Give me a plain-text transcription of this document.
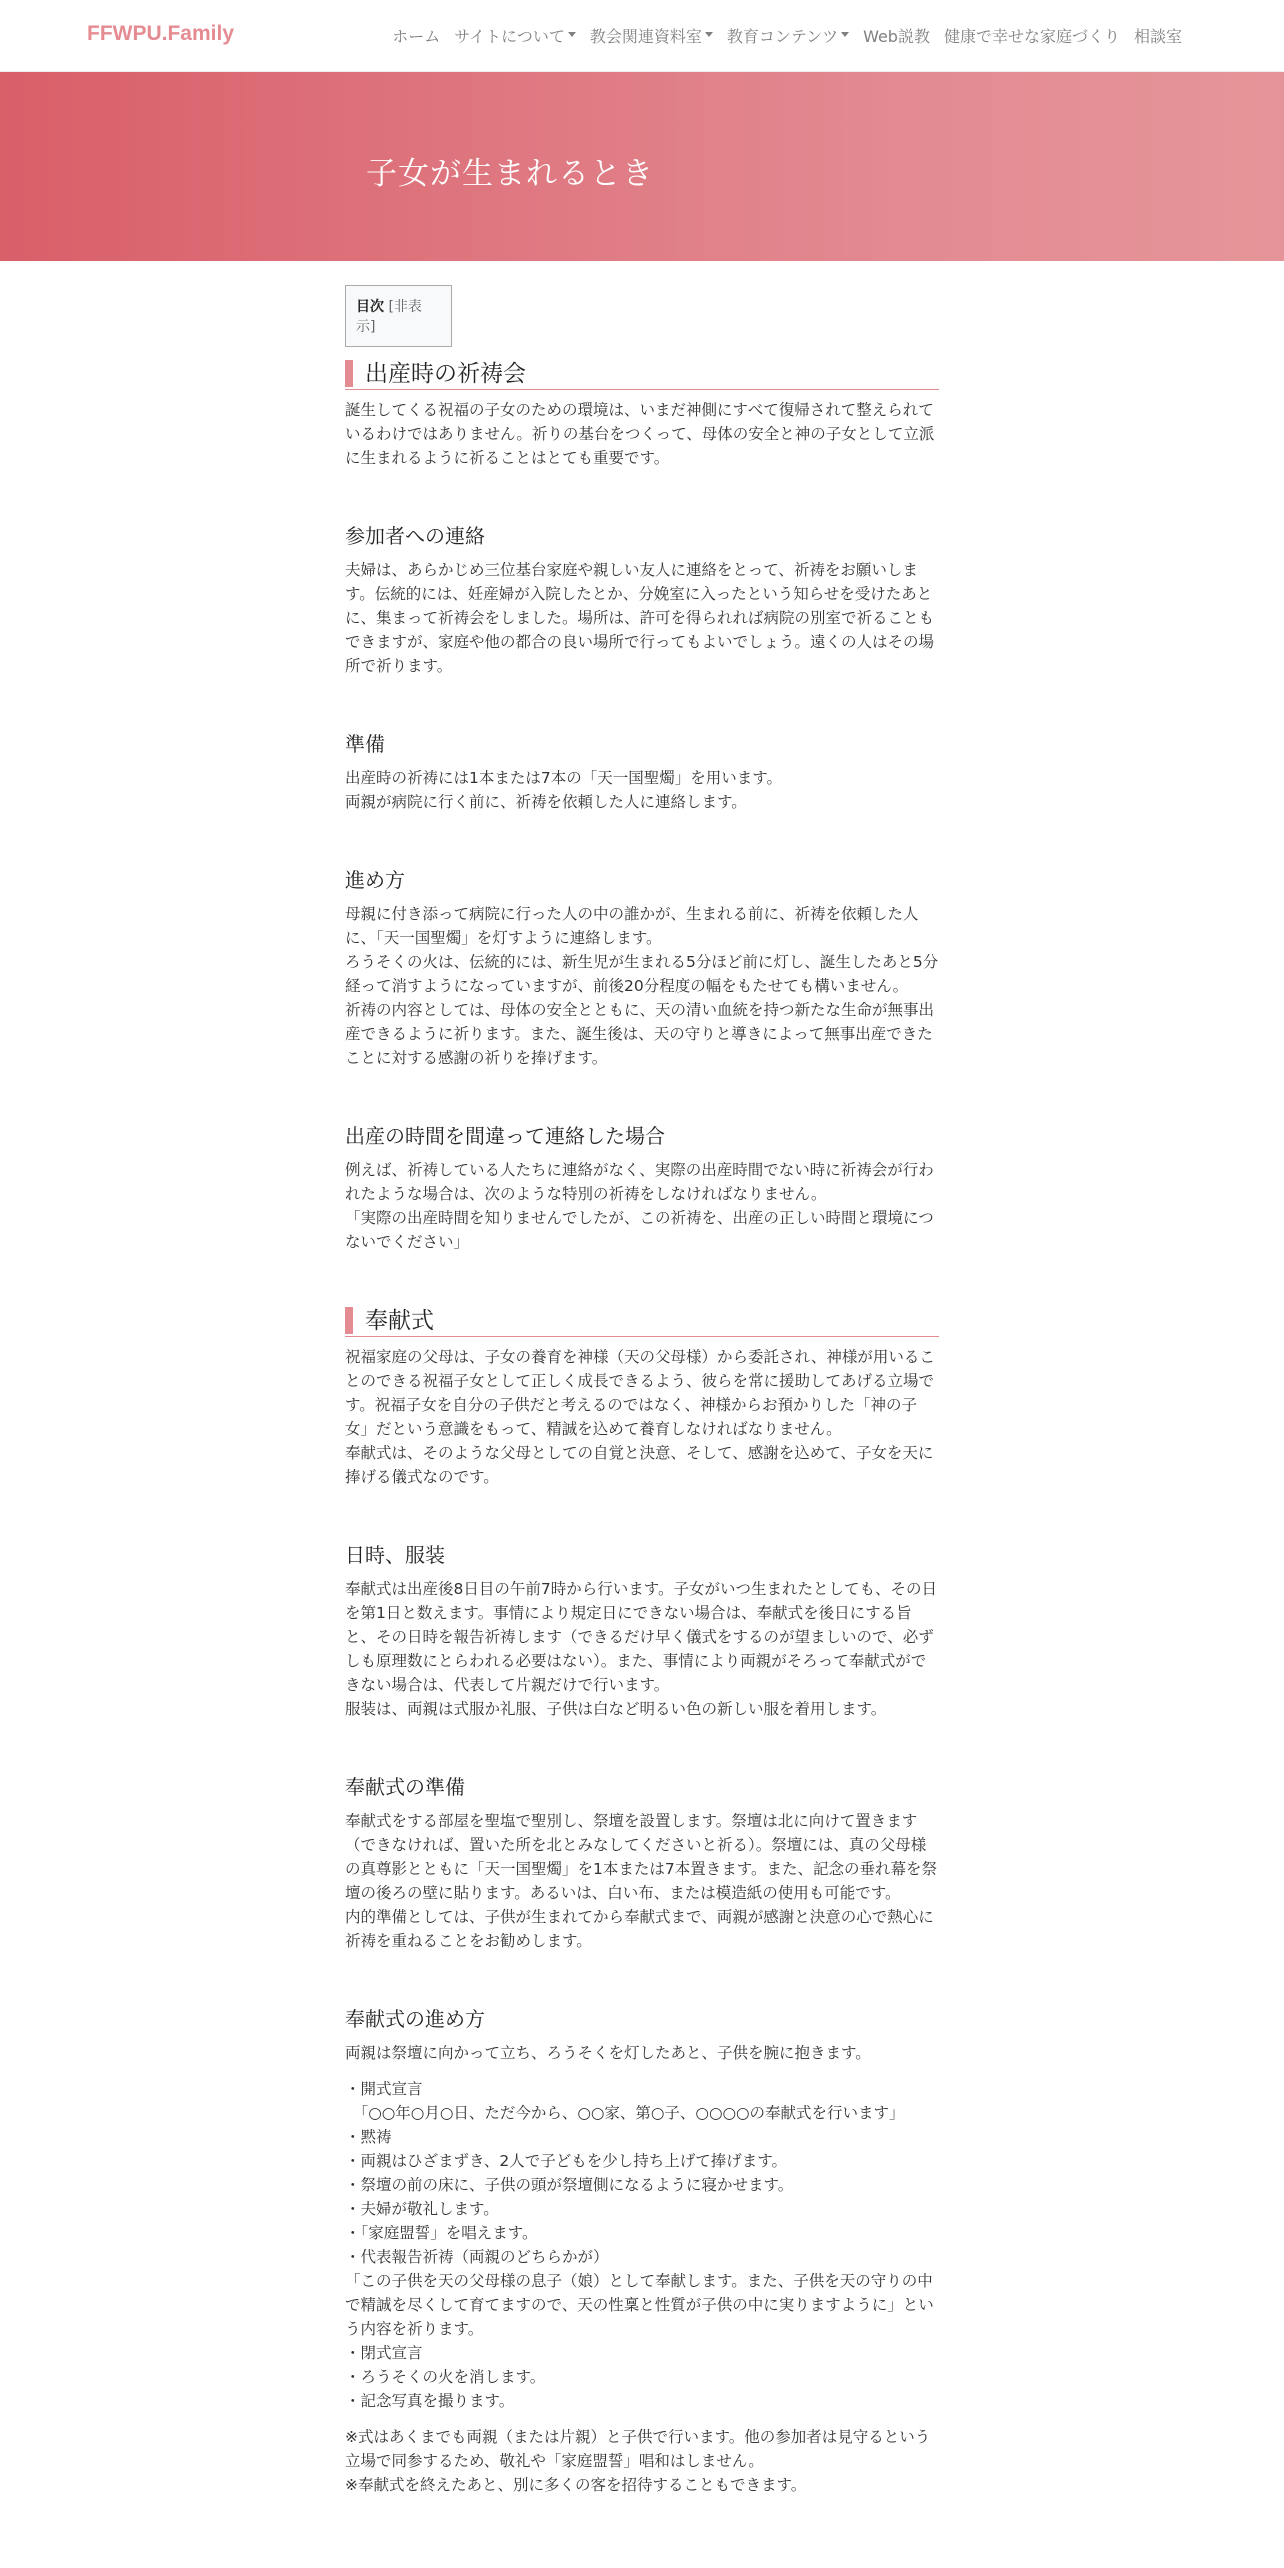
FFWPU.Family	ホーム サイトについて 教会関連資料室 教育コンテンツ Web説教 健康で幸せな家庭づくり 相談室
子女が生まれるとき
目次 [非表示]
出産時の祈祷会

誕生してくる祝福の子女のための環境は、いまだ神側にすべて復帰されて整えられているわけではありません。祈りの基台をつくって、母体の安全と神の子女として立派に生まれるように祈ることはとても重要です。

参加者への連絡

夫婦は、あらかじめ三位基台家庭や親しい友人に連絡をとって、祈祷をお願いします。伝統的には、妊産婦が入院したとか、分娩室に入ったという知らせを受けたあとに、集まって祈祷会をしました。場所は、許可を得られれば病院の別室で祈ることもできますが、家庭や他の都合の良い場所で行ってもよいでしょう。遠くの人はその場所で祈ります。

準備

出産時の祈祷には1本または7本の「天一国聖燭」を用います。
両親が病院に行く前に、祈祷を依頼した人に連絡します。

進め方

母親に付き添って病院に行った人の中の誰かが、生まれる前に、祈祷を依頼した人に、「天一国聖燭」を灯すように連絡します。

ろうそくの火は、伝統的には、新生児が生まれる5分ほど前に灯し、誕生したあと5分経って消すようになっていますが、前後20分程度の幅をもたせても構いません。

祈祷の内容としては、母体の安全とともに、天の清い血統を持つ新たな生命が無事出産できるように祈ります。また、誕生後は、天の守りと導きによって無事出産できたことに対する感謝の祈りを捧げます。

出産の時間を間違って連絡した場合

例えば、祈祷している人たちに連絡がなく、実際の出産時間でない時に祈祷会が行われたような場合は、次のような特別の祈祷をしなければなりません。

「実際の出産時間を知りませんでしたが、この祈祷を、出産の正しい時間と環境につないでください」

奉献式

祝福家庭の父母は、子女の養育を神様（天の父母様）から委託され、神様が用いることのできる祝福子女として正しく成長できるよう、彼らを常に援助してあげる立場です。祝福子女を自分の子供だと考えるのではなく、神様からお預かりした「神の子女」だという意識をもって、精誠を込めて養育しなければなりません。

奉献式は、そのような父母としての自覚と決意、そして、感謝を込めて、子女を天に捧げる儀式なのです。

日時、服装

奉献式は出産後8日目の午前7時から行います。子女がいつ生まれたとしても、その日を第1日と数えます。事情により規定日にできない場合は、奉献式を後日にする旨と、その日時を報告祈祷します（できるだけ早く儀式をするのが望ましいので、必ずしも原理数にとらわれる必要はない）。また、事情により両親がそろって奉献式ができない場合は、代表して片親だけで行います。

服装は、両親は式服か礼服、子供は白など明るい色の新しい服を着用します。

奉献式の準備

奉献式をする部屋を聖塩で聖別し、祭壇を設置します。祭壇は北に向けて置きます（できなければ、置いた所を北とみなしてくださいと祈る）。祭壇には、真の父母様の真尊影とともに「天一国聖燭」を1本または7本置きます。また、記念の垂れ幕を祭壇の後ろの壁に貼ります。あるいは、白い布、または模造紙の使用も可能です。

内的準備としては、子供が生まれてから奉献式まで、両親が感謝と決意の心で熱心に祈祷を重ねることをお勧めします。

奉献式の進め方

両親は祭壇に向かって立ち、ろうそくを灯したあと、子供を腕に抱きます。

・開式宣言

　「○○年○月○日、ただ今から、○○家、第○子、○○○○の奉献式を行います」

・黙祷

・両親はひざまずき、2人で子どもを少し持ち上げて捧げます。

・祭壇の前の床に、子供の頭が祭壇側になるように寝かせます。

・夫婦が敬礼します。

・「家庭盟誓」を唱えます。

・代表報告祈祷（両親のどちらかが）

「この子供を天の父母様の息子（娘）として奉献します。また、子供を天の守りの中で精誠を尽くして育てますので、天の性稟と性質が子供の中に実りますように」という内容を祈ります。

・閉式宣言

・ろうそくの火を消します。

・記念写真を撮ります。

※式はあくまでも両親（または片親）と子供で行います。他の参加者は見守るという立場で同参するため、敬礼や「家庭盟誓」唱和はしません。

※奉献式を終えたあと、別に多くの客を招待することもできます。
